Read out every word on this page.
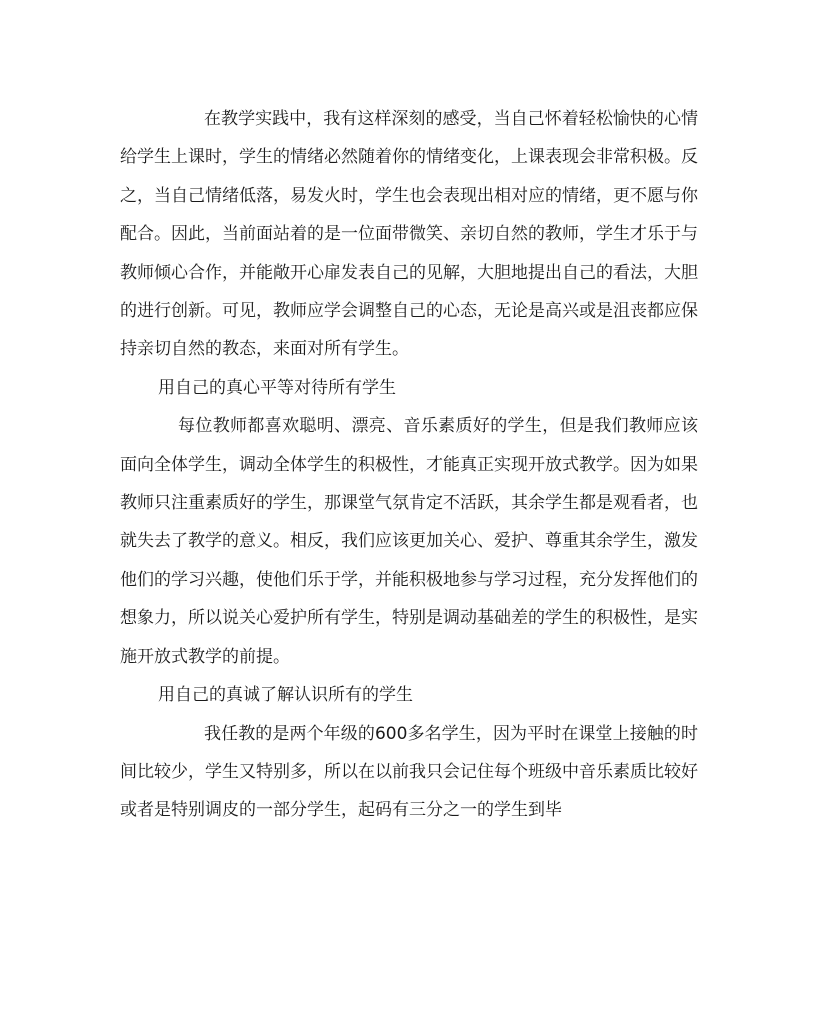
在教学实践中，我有这样深刻的感受，当自己怀着轻松愉快的心情给学生上课时，学生的情绪必然随着你的情绪变化，上课表现会非常积极。反之，当自己情绪低落，易发火时，学生也会表现出相对应的情绪，更不愿与你配合。因此，当前面站着的是一位面带微笑、亲切自然的教师，学生才乐于与教师倾心合作，并能敞开心扉发表自己的见解，大胆地提出自己的看法，大胆的进行创新。可见，教师应学会调整自己的心态，无论是高兴或是沮丧都应保持亲切自然的教态，来面对所有学生。

用自己的真心平等对待所有学生

每位教师都喜欢聪明、漂亮、音乐素质好的学生，但是我们教师应该面向全体学生，调动全体学生的积极性，才能真正实现开放式教学。因为如果教师只注重素质好的学生，那课堂气氛肯定不活跃，其余学生都是观看者，也就失去了教学的意义。相反，我们应该更加关心、爱护、尊重其余学生，激发他们的学习兴趣，使他们乐于学，并能积极地参与学习过程，充分发挥他们的想象力，所以说关心爱护所有学生，特别是调动基础差的学生的积极性，是实施开放式教学的前提。

用自己的真诚了解认识所有的学生

我任教的是两个年级的600多名学生，因为平时在课堂上接触的时间比较少，学生又特别多，所以在以前我只会记住每个班级中音乐素质比较好或者是特别调皮的一部分学生，起码有三分之一的学生到毕
